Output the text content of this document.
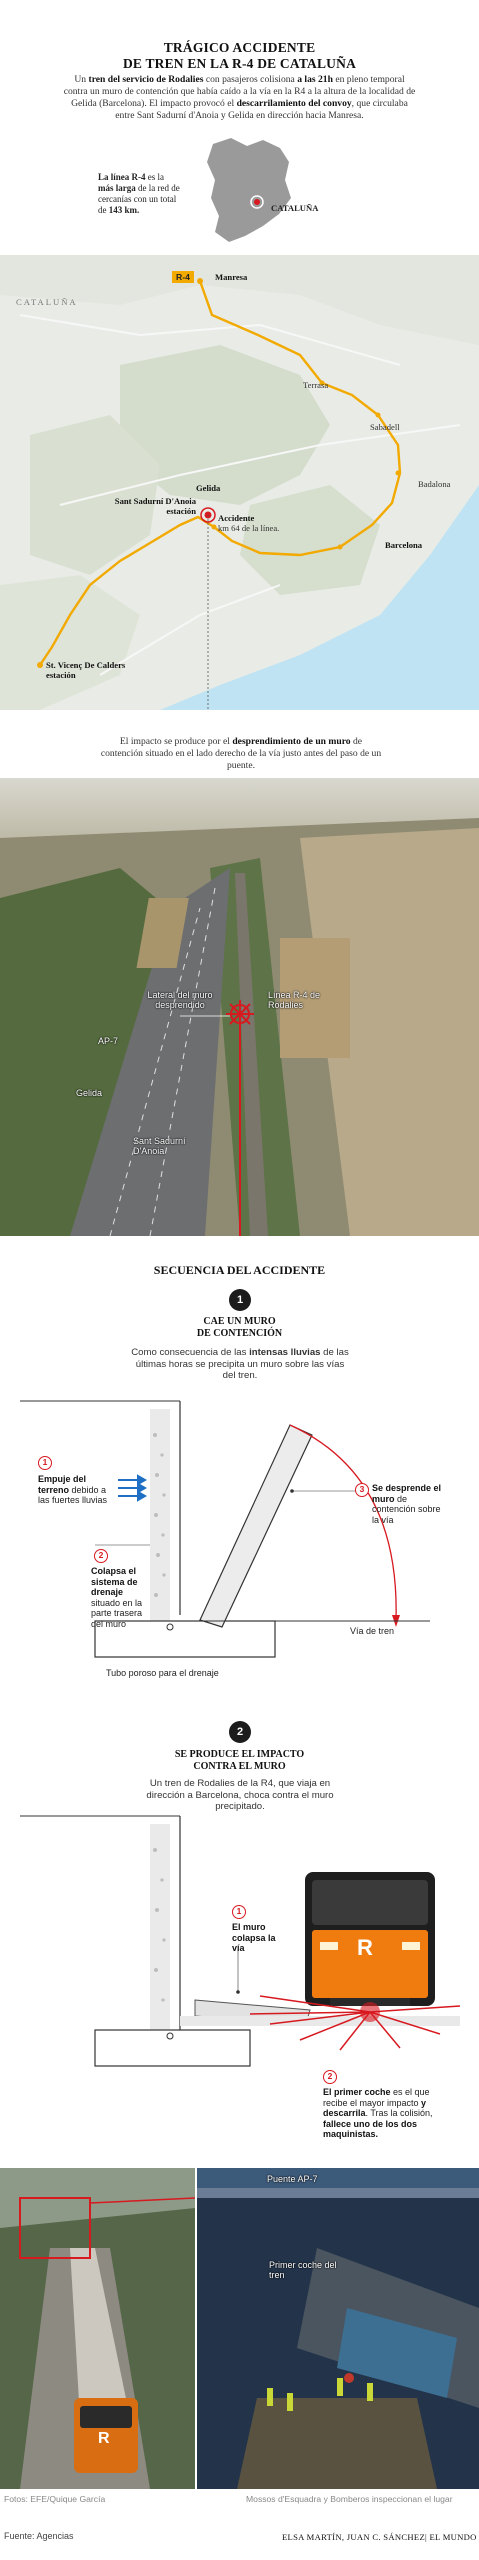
TRÁGICO ACCIDENTE
DE TREN EN LA R-4 DE CATALUÑA
Un tren del servicio de Rodalies con pasajeros colisiona a las 21h en pleno temporal contra un muro de contención que había caído a la vía en la R4 a la altura de la localidad de Gelida (Barcelona). El impacto provocó el descarrilamiento del convoy, que circulaba entre Sant Sadurní d'Anoia y Gelida en dirección hacia Manresa.
La línea R-4 es la más larga de la red de cercanías con un total de 143 km.	CATALUÑA
R-4	Manresa
CATALUÑA
Terrasa
Sabadell
Badalona
Barcelona
Gelida
Sant Sadurní D'Anoia estación
Accidente
km 64 de la línea.
St. Vicenç De Calders estación
El impacto se produce por el desprendimiento de un muro de contención situado en el lado derecho de la vía justo antes del paso de un puente.
Lateral del muro desprendido
Línea R-4 de Rodalies
AP-7
Gelida
Sant Sadurní D'Anoia
SECUENCIA DEL ACCIDENTE
1
CAE UN MURO
DE CONTENCIÓN
Como consecuencia de las intensas lluvias de las últimas horas se precipita un muro sobre las vías del tren.
1
Empuje del terreno debido a las fuertes lluvias
2
Colapsa el sistema de drenaje situado en la parte trasera del muro
3 Se desprende el muro de contención sobre la vía
Vía de tren
Tubo poroso para el drenaje
2
SE PRODUCE EL IMPACTO
CONTRA EL MURO
Un tren de Rodalies de la R4, que viaja en dirección a Barcelona, choca contra el muro precipitado.
R
1
El muro colapsa la vía
2
El primer coche es el que recibe el mayor impacto y descarrila. Tras la colisión, fallece uno de los dos maquinistas.
R
Puente AP-7
Primer coche del tren
Fotos: EFE/Quique García	Mossos d'Esquadra y Bomberos inspeccionan el lugar
Fuente: Agencias	ELSA MARTÍN, JUAN C. SÁNCHEZ| EL MUNDO
